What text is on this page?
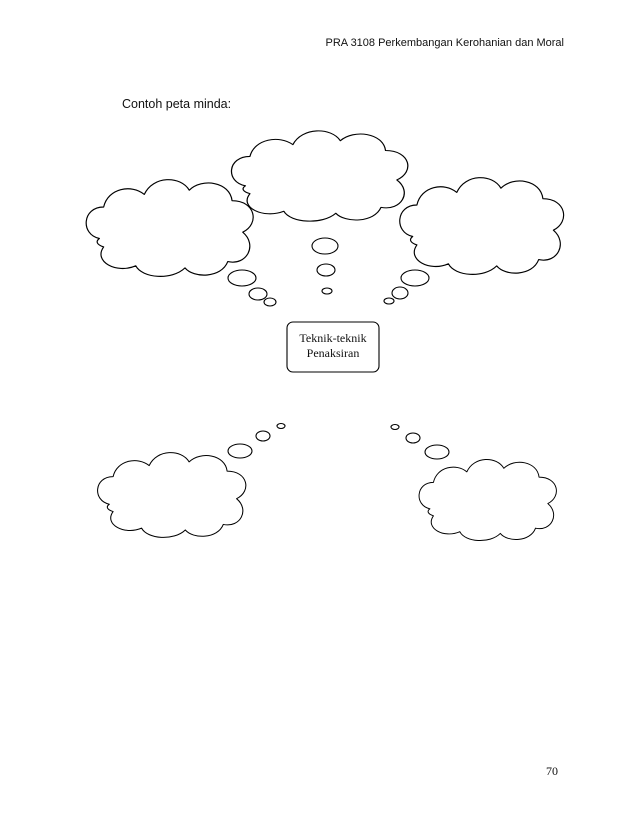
PRA 3108 Perkembangan Kerohanian dan Moral
Contoh peta minda:
Teknik-teknik
Penaksiran
70
